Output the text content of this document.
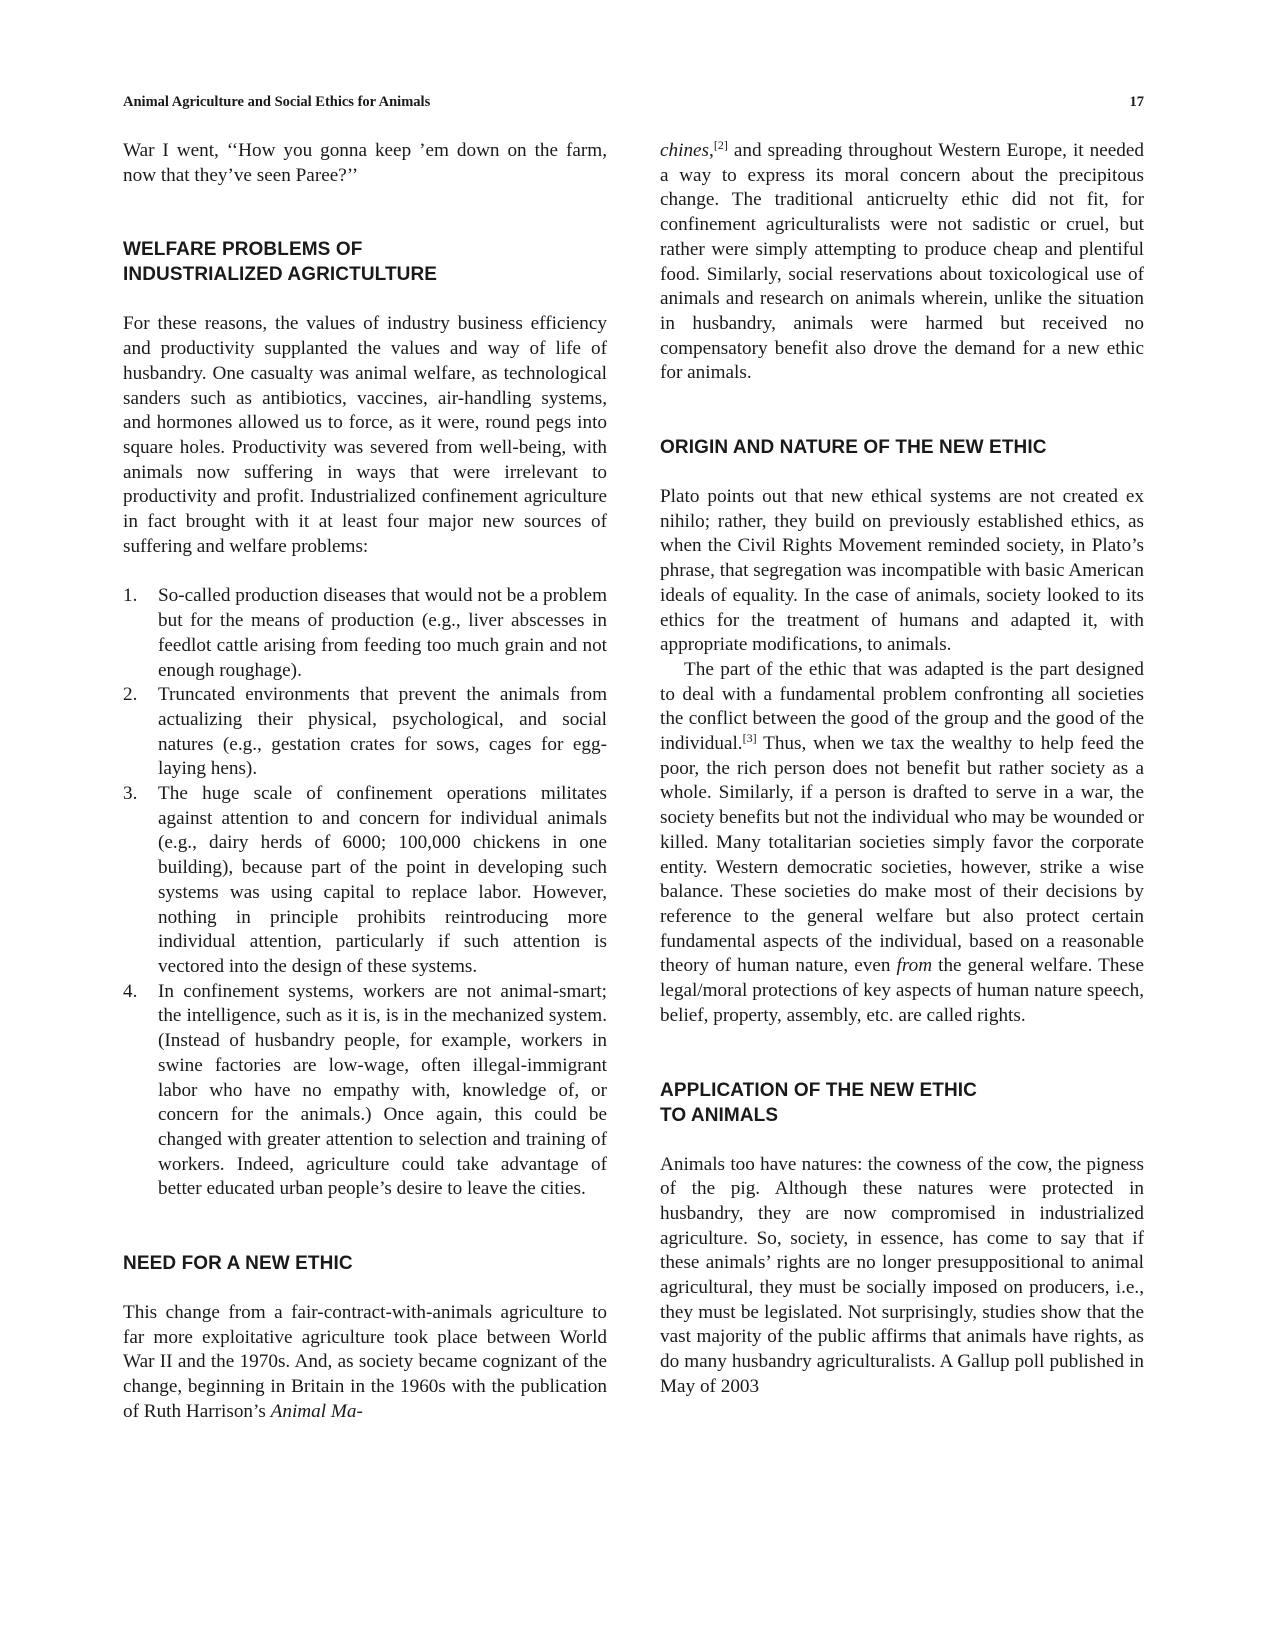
Animal Agriculture and Social Ethics for Animals	17

War I went, ‘‘How you gonna keep ’em down on the farm, now that they’ve seen Paree?’’

WELFARE PROBLEMS OF
INDUSTRIALIZED AGRICTULTURE

For these reasons, the values of industry business efficiency and productivity supplanted the values and way of life of husbandry. One casualty was animal welfare, as technological sanders such as antibiotics, vaccines, air-handling systems, and hormones allowed us to force, as it were, round pegs into square holes. Productivity was severed from well-being, with animals now suffering in ways that were irrelevant to productivity and profit. Industrialized confinement agriculture in fact brought with it at least four major new sources of suffering and welfare problems:

1. So-called production diseases that would not be a problem but for the means of production (e.g., liver abscesses in feedlot cattle arising from feeding too much grain and not enough roughage).
2. Truncated environments that prevent the animals from actualizing their physical, psychological, and social natures (e.g., gestation crates for sows, cages for egg-laying hens).
3. The huge scale of confinement operations militates against attention to and concern for individual animals (e.g., dairy herds of 6000; 100,000 chickens in one building), because part of the point in developing such systems was using capital to replace labor. However, nothing in principle prohibits reintroducing more individual attention, particularly if such attention is vectored into the design of these systems.
4. In confinement systems, workers are not animal-smart; the intelligence, such as it is, is in the mechanized system. (Instead of husbandry people, for example, workers in swine factories are low-wage, often illegal-immigrant labor who have no empathy with, knowledge of, or concern for the animals.) Once again, this could be changed with greater attention to selection and training of workers. Indeed, agriculture could take advantage of better educated urban people’s desire to leave the cities.
NEED FOR A NEW ETHIC

This change from a fair-contract-with-animals agriculture to far more exploitative agriculture took place between World War II and the 1970s. And, as society became cognizant of the change, beginning in Britain in the 1960s with the publication of Ruth Harrison’s Animal Ma-

chines,[2] and spreading throughout Western Europe, it needed a way to express its moral concern about the precipitous change. The traditional anticruelty ethic did not fit, for confinement agriculturalists were not sadistic or cruel, but rather were simply attempting to produce cheap and plentiful food. Similarly, social reservations about toxicological use of animals and research on animals wherein, unlike the situation in husbandry, animals were harmed but received no compensatory benefit also drove the demand for a new ethic for animals.

ORIGIN AND NATURE OF THE NEW ETHIC

Plato points out that new ethical systems are not created ex nihilo; rather, they build on previously established ethics, as when the Civil Rights Movement reminded society, in Plato’s phrase, that segregation was incompatible with basic American ideals of equality. In the case of animals, society looked to its ethics for the treatment of humans and adapted it, with appropriate modifications, to animals.

The part of the ethic that was adapted is the part designed to deal with a fundamental problem confronting all societies the conflict between the good of the group and the good of the individual.[3] Thus, when we tax the wealthy to help feed the poor, the rich person does not benefit but rather society as a whole. Similarly, if a person is drafted to serve in a war, the society benefits but not the individual who may be wounded or killed. Many totalitarian societies simply favor the corporate entity. Western democratic societies, however, strike a wise balance. These societies do make most of their decisions by reference to the general welfare but also protect certain fundamental aspects of the individual, based on a reasonable theory of human nature, even from the general welfare. These legal/moral protections of key aspects of human nature speech, belief, property, assembly, etc. are called rights.

APPLICATION OF THE NEW ETHIC
TO ANIMALS

Animals too have natures: the cowness of the cow, the pigness of the pig. Although these natures were protected in husbandry, they are now compromised in industrialized agriculture. So, society, in essence, has come to say that if these animals’ rights are no longer presuppositional to animal agricultural, they must be socially imposed on producers, i.e., they must be legislated. Not surprisingly, studies show that the vast majority of the public affirms that animals have rights, as do many husbandry agriculturalists. A Gallup poll published in May of 2003
